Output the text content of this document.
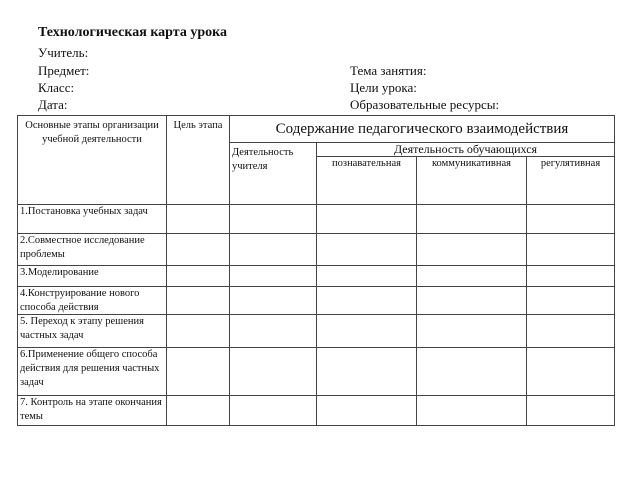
Технологическая карта урока
Учитель:
Предмет:
Класс:
Дата:
Тема занятия:
Цели урока:
Образовательные ресурсы:
Основные этапы организации учебной деятельности	Цель этапа	Содержание педагогического взаимодействия			
		Деятельность учителя	Деятельность обучающихся		
			познавательная	коммуникативная	регулятивная
1.Постановка учебных задач					
2.Совместное исследование проблемы					
3.Моделирование					
4.Конструирование нового способа действия					
5. Переход к этапу решения частных задач					
6.Применение общего способа действия для решения частных задач					
7. Контроль на этапе окончания темы					
